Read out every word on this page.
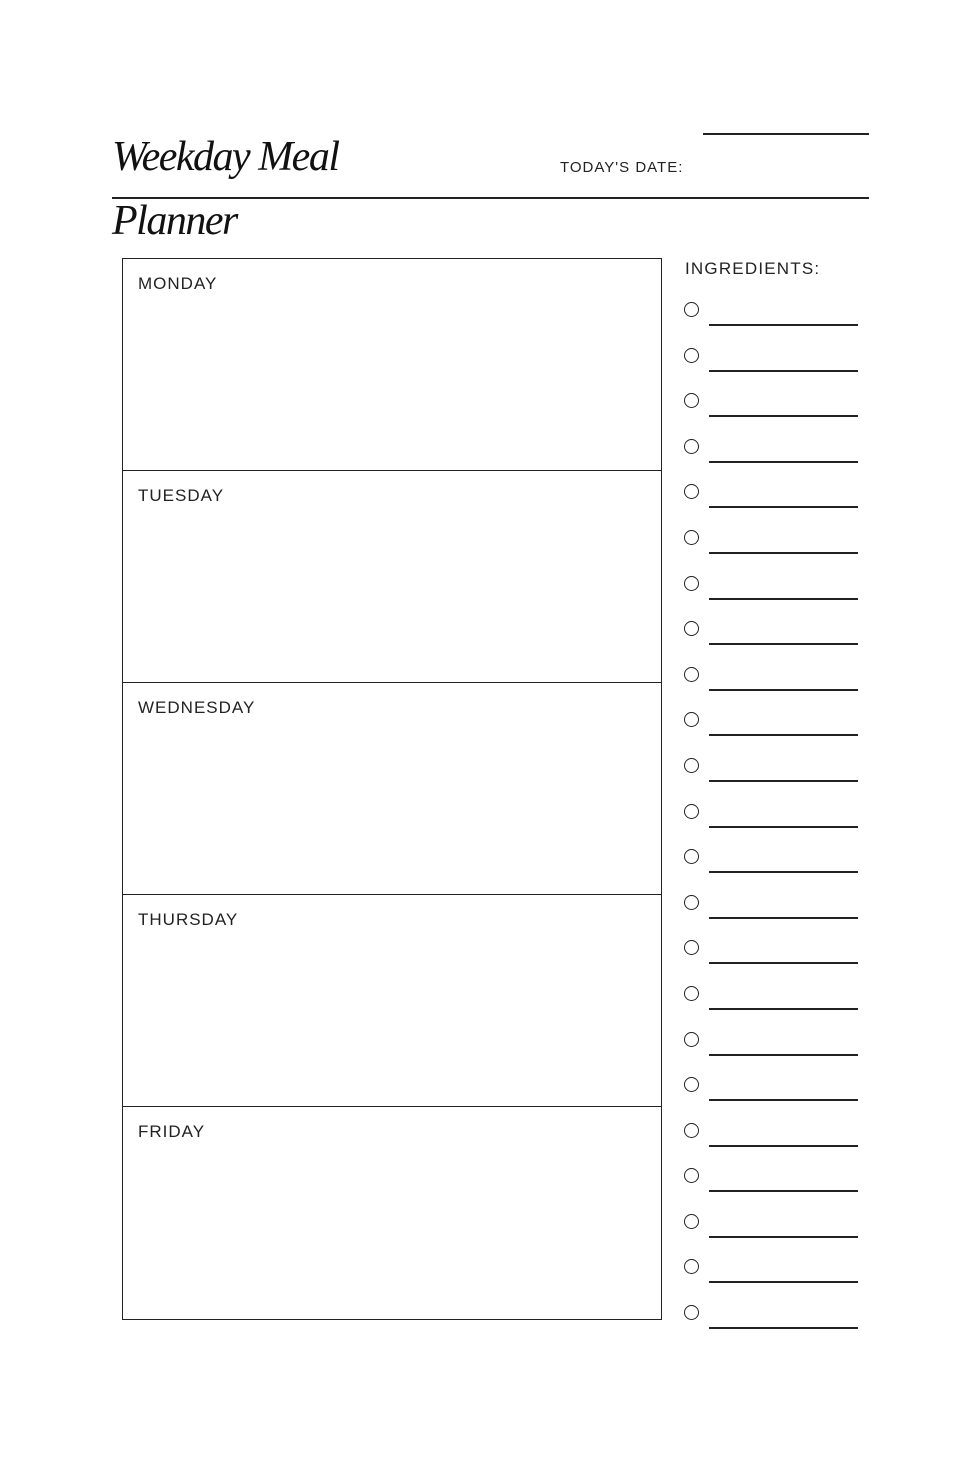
Weekday Meal
Planner
TODAY'S DATE:
MONDAY
TUESDAY
WEDNESDAY
THURSDAY
FRIDAY
INGREDIENTS:
